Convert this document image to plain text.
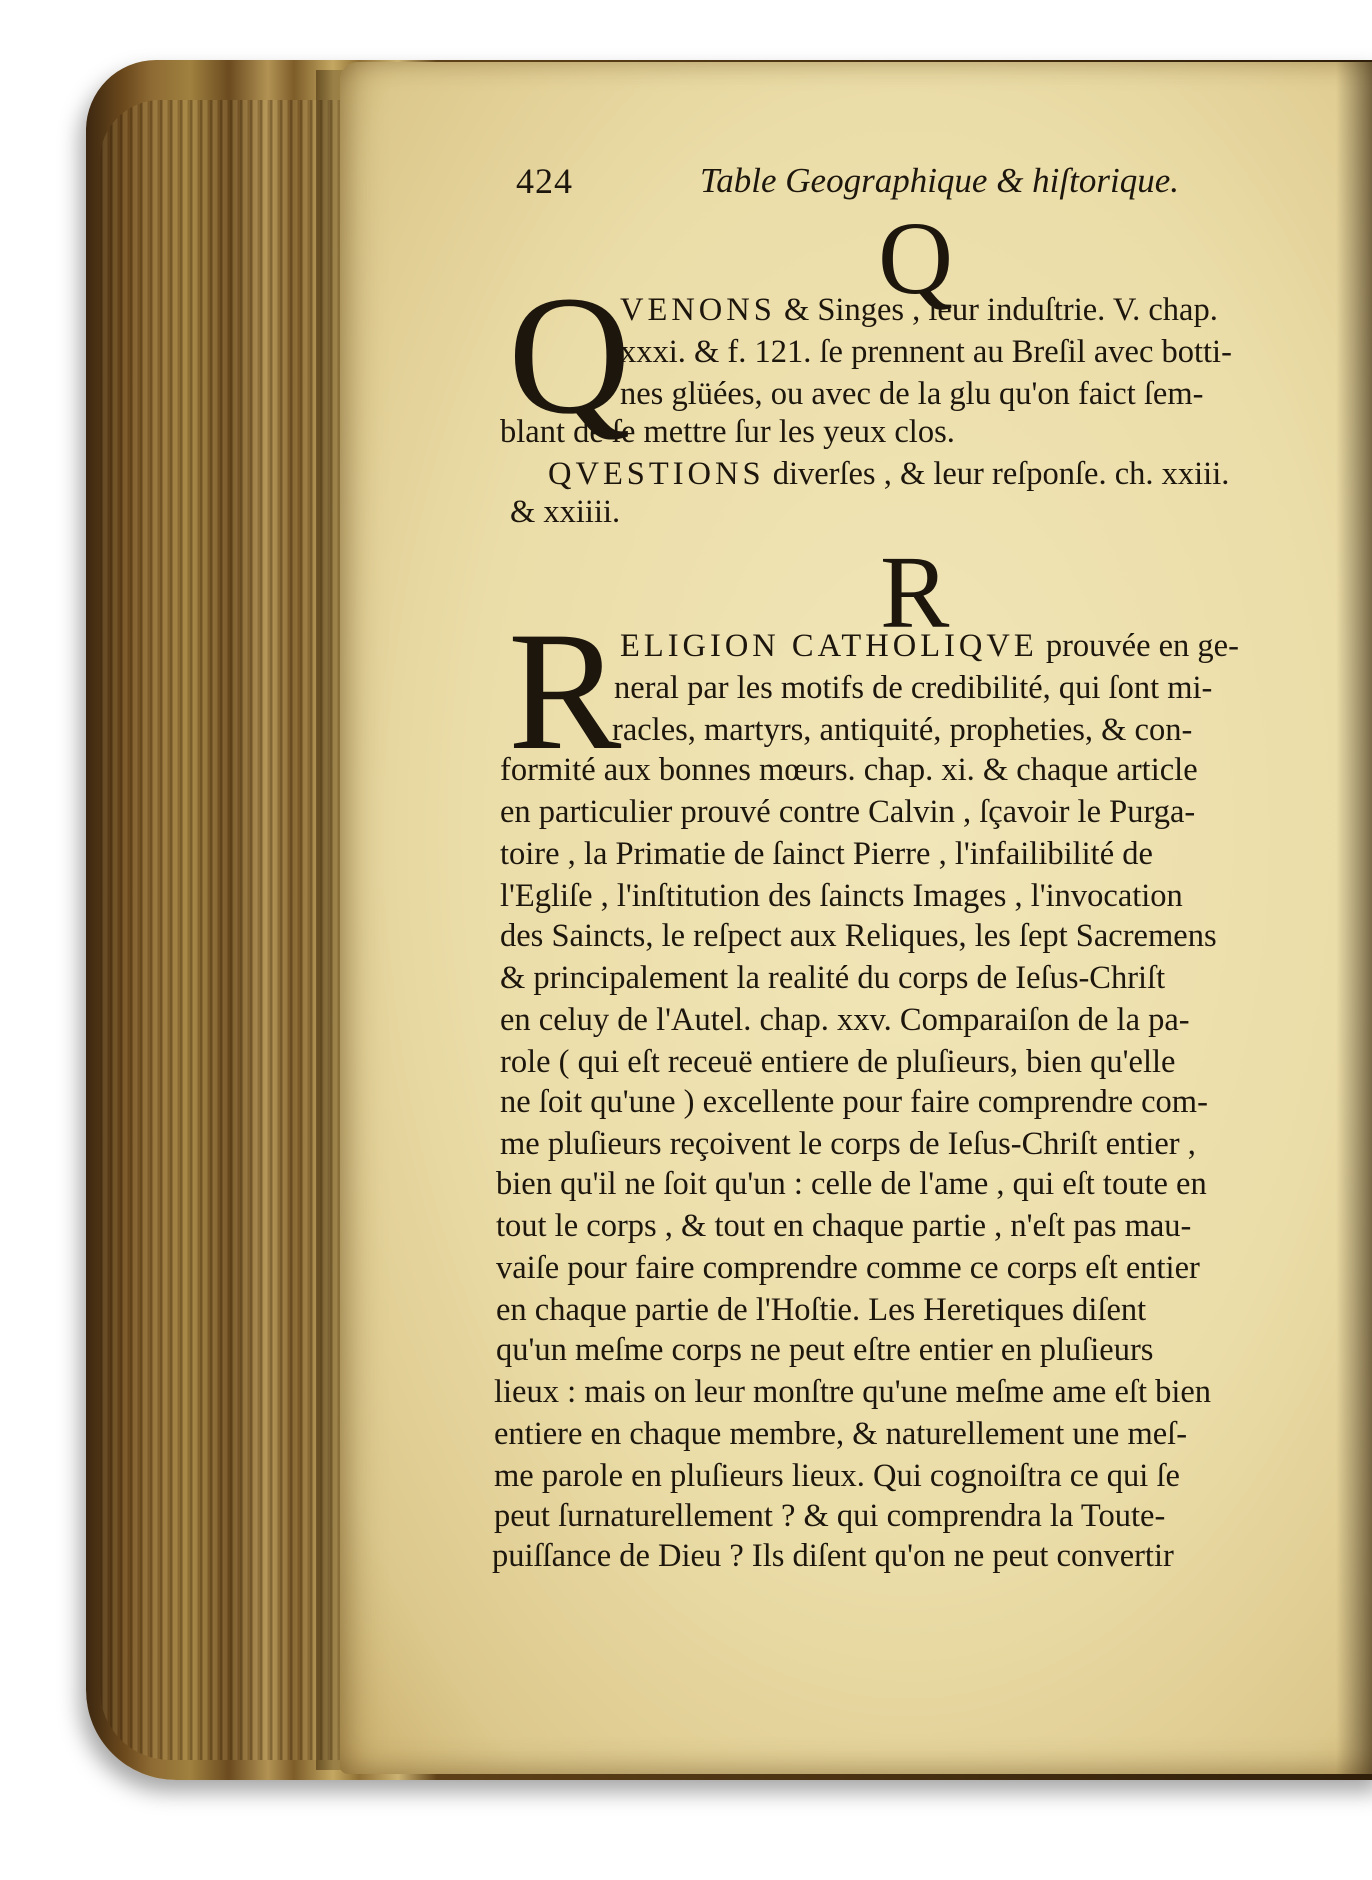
424	Table Geographique & hiſtorique.
Q
Q
VENONS & Singes , leur induſtrie. V. chap.
xxxi. & f. 121. ſe prennent au Breſil avec botti-
nes glüées, ou avec de la glu qu'on faict ſem-
blant de ſe mettre ſur les yeux clos.
QVESTIONS diverſes , & leur reſponſe. ch. xxiii.
& xxiiii.
R
R
ELIGION CATHOLIQVE prouvée en ge-
neral par les motifs de credibilité, qui ſont mi-
racles, martyrs, antiquité, propheties, & con-
formité aux bonnes mœurs. chap. xi. & chaque article
en particulier prouvé contre Calvin , ſçavoir le Purga-
toire , la Primatie de ſainct Pierre , l'infailibilité de
l'Egliſe , l'inſtitution des ſaincts Images , l'invocation
des Saincts, le reſpect aux Reliques, les ſept Sacremens
& principalement la realité du corps de Ieſus-Chriſt
en celuy de l'Autel. chap. xxv. Comparaiſon de la pa-
role ( qui eſt receuë entiere de pluſieurs, bien qu'elle
ne ſoit qu'une ) excellente pour faire comprendre com-
me pluſieurs reçoivent le corps de Ieſus-Chriſt entier ,
bien qu'il ne ſoit qu'un : celle de l'ame , qui eſt toute en
tout le corps , & tout en chaque partie , n'eſt pas mau-
vaiſe pour faire comprendre comme ce corps eſt entier
en chaque partie de l'Hoſtie. Les Heretiques diſent
qu'un meſme corps ne peut eſtre entier en pluſieurs
lieux : mais on leur monſtre qu'une meſme ame eſt bien
entiere en chaque membre, & naturellement une meſ-
me parole en pluſieurs lieux. Qui cognoiſtra ce qui ſe
peut ſurnaturellement ? & qui comprendra la Toute-
puiſſance de Dieu ? Ils diſent qu'on ne peut convertir
